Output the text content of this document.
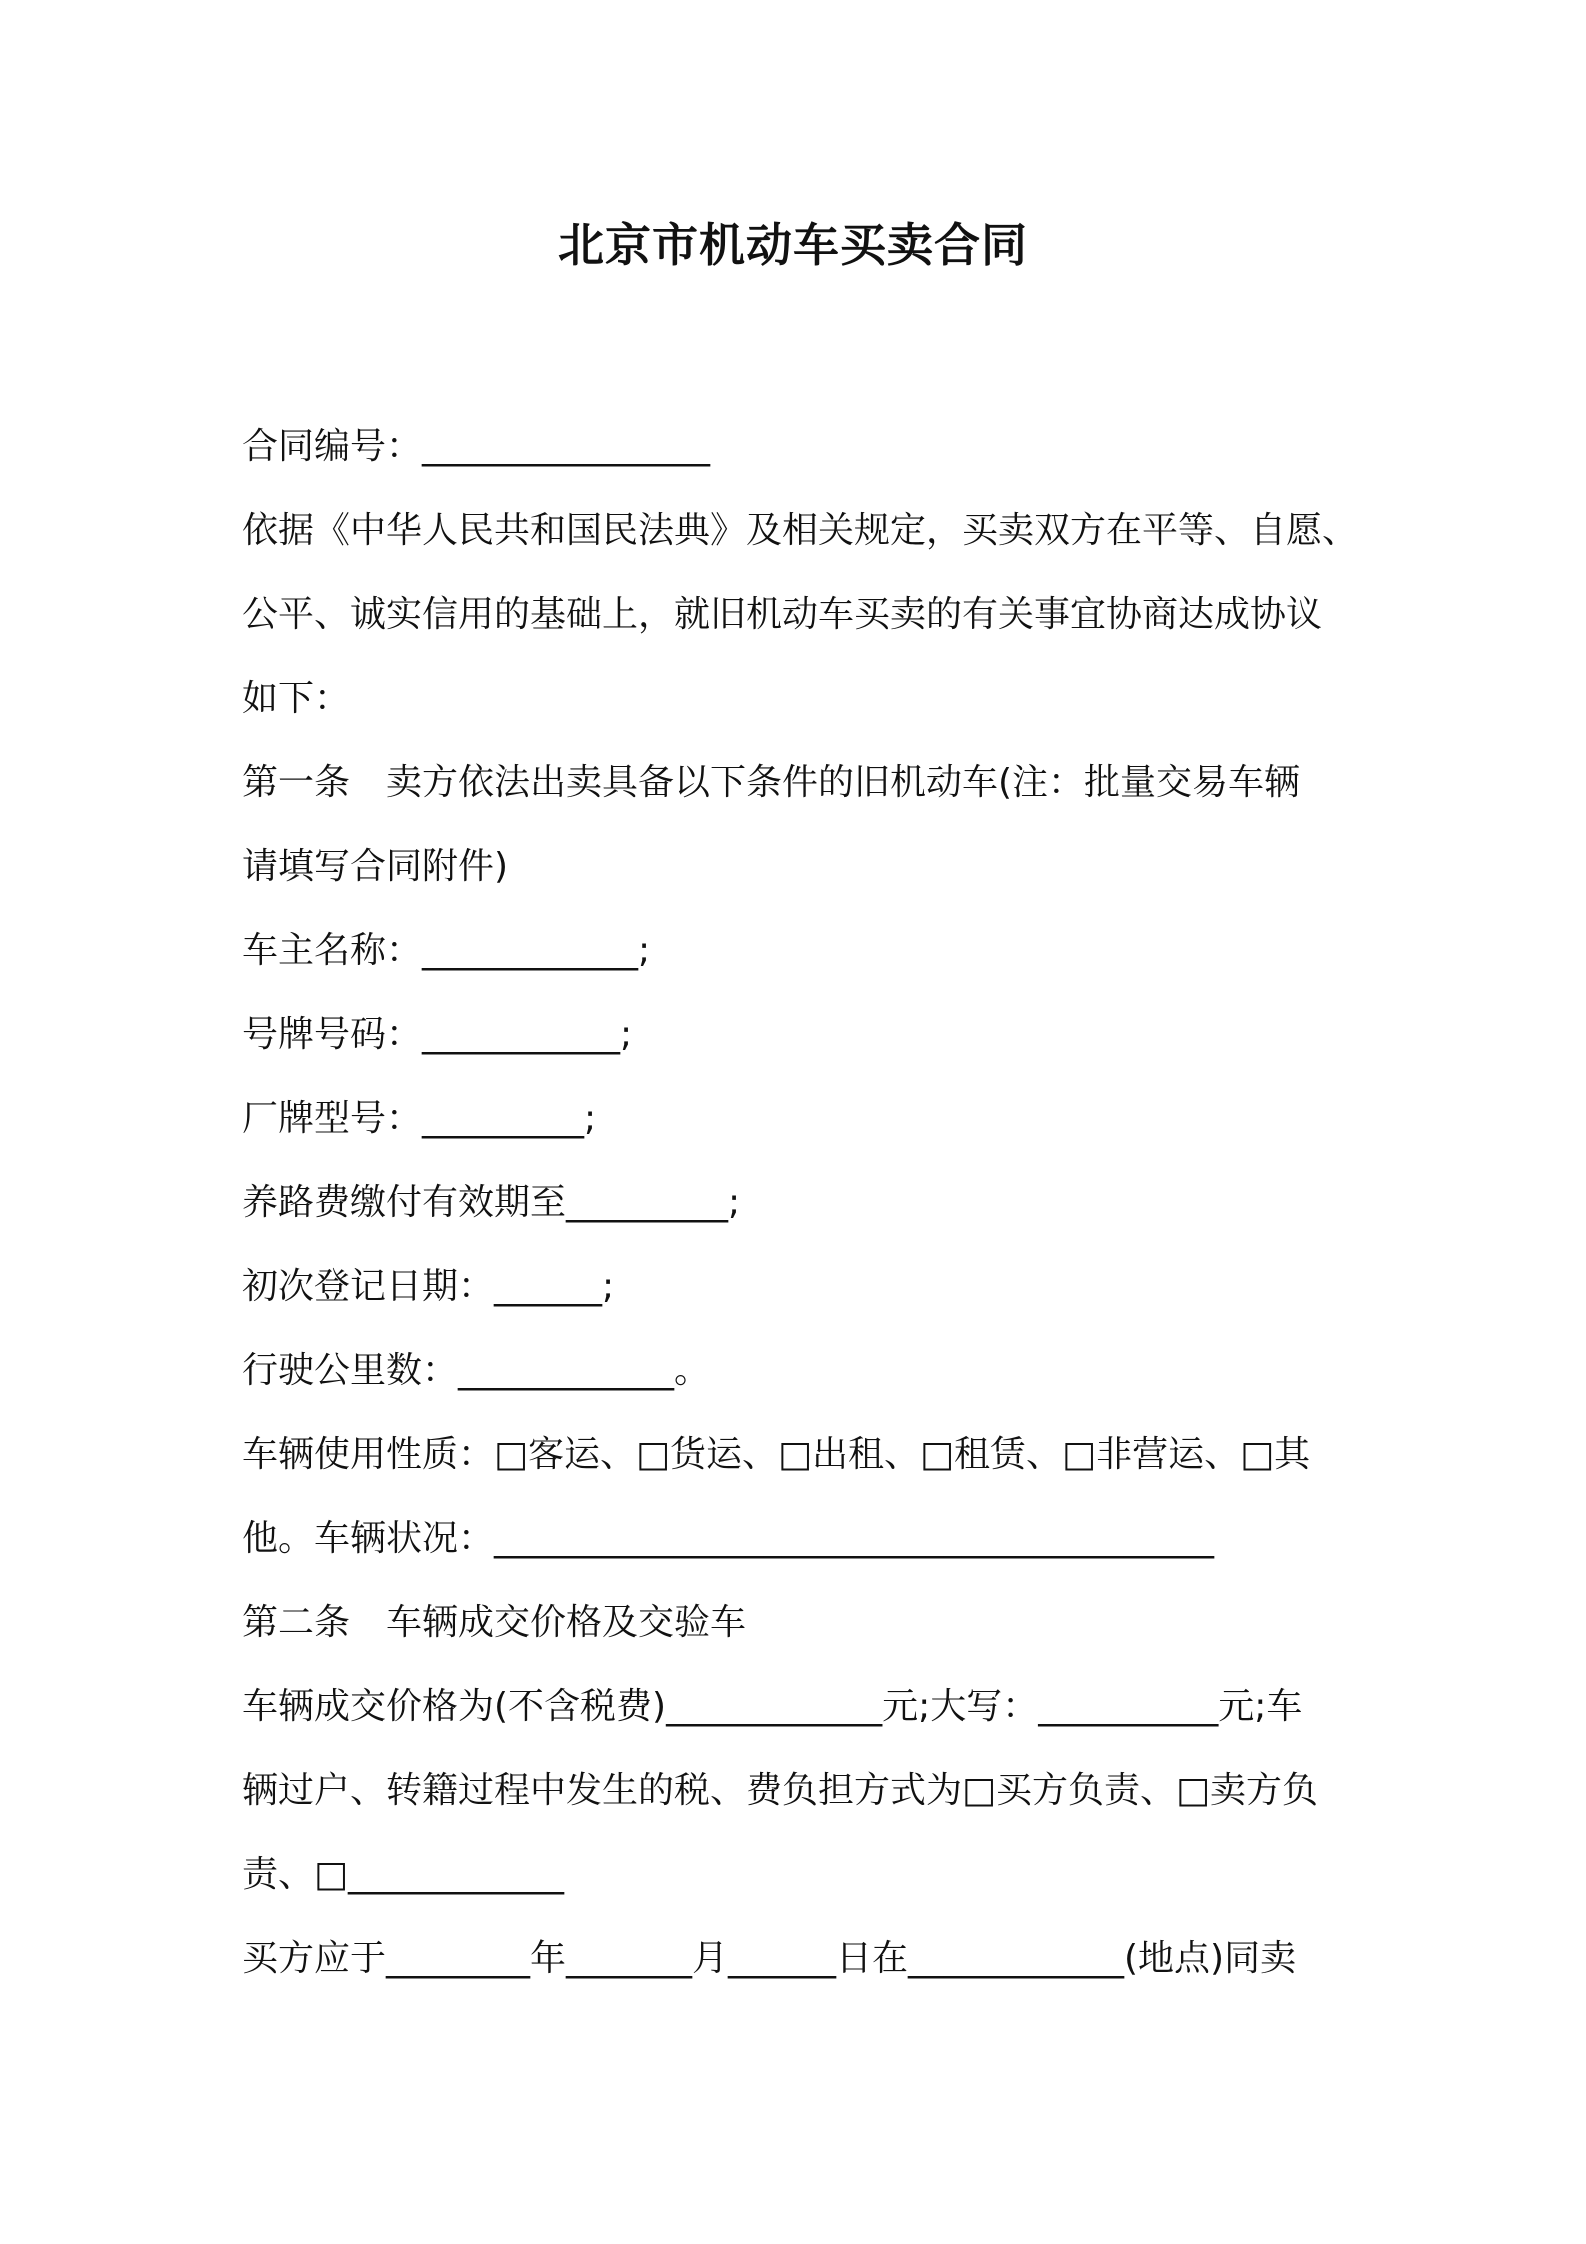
北京市机动车买卖合同
合同编号：________________
依据《中华人民共和国民法典》及相关规定，买卖双方在平等、自愿、
公平、诚实信用的基础上，就旧机动车买卖的有关事宜协商达成协议
如下：
第一条　卖方依法出卖具备以下条件的旧机动车(注：批量交易车辆
请填写合同附件)
车主名称：____________;
号牌号码：___________;
厂牌型号：_________;
养路费缴付有效期至_________;
初次登记日期：______;
行驶公里数：____________。
车辆使用性质：□客运、□货运、□出租、□租赁、□非营运、□其
他。车辆状况：________________________________________
第二条　车辆成交价格及交验车
车辆成交价格为(不含税费)____________元;大写：__________元;车
辆过户、转籍过程中发生的税、费负担方式为□买方负责、□卖方负
责、□____________
买方应于________年_______月______日在____________(地点)同卖
